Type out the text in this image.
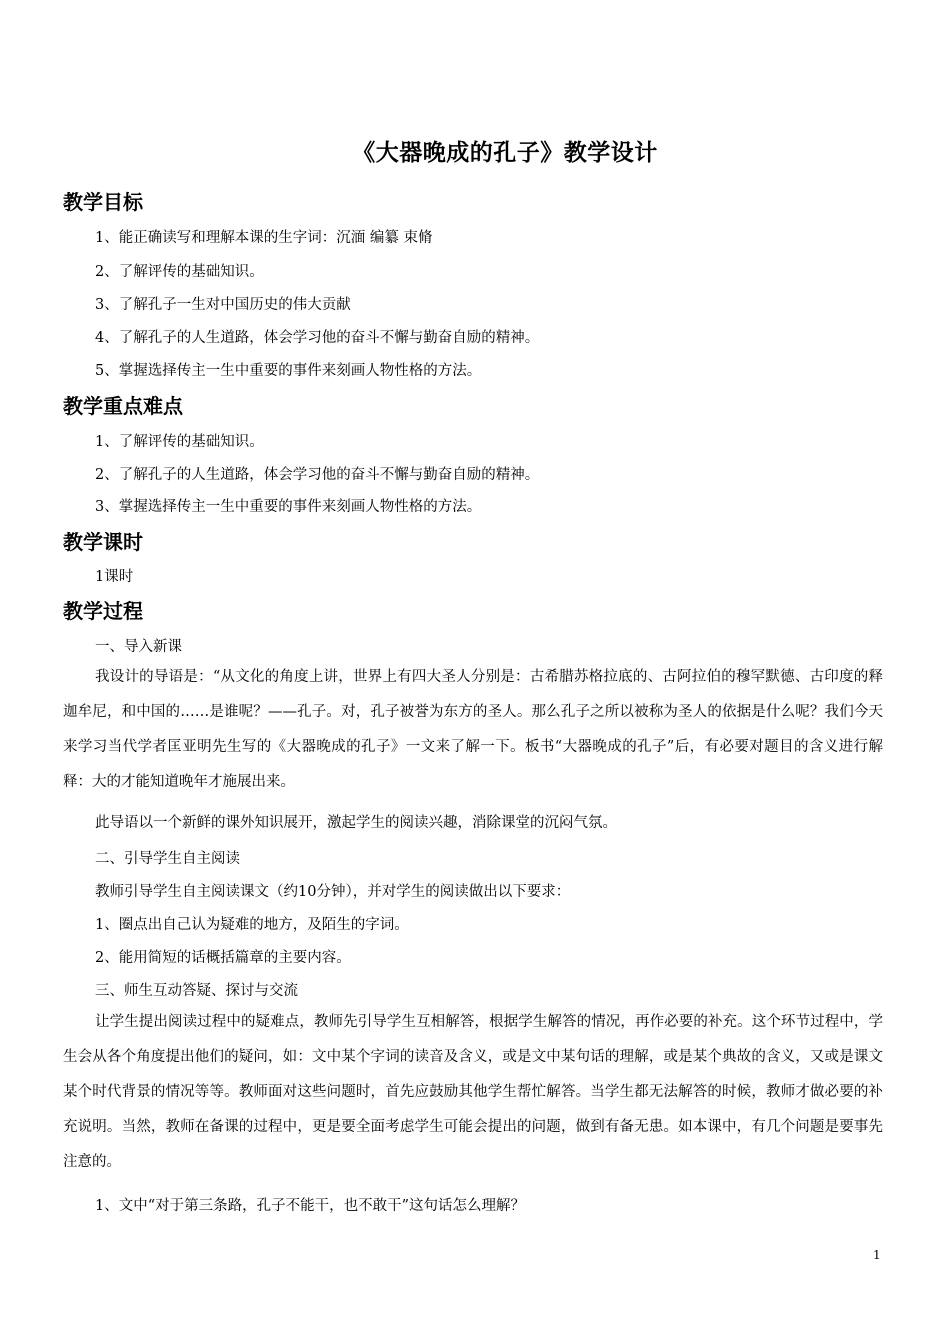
《大器晚成的孔子》教学设计
教学目标
1、能正确读写和理解本课的生字词：沉湎 编纂 束脩
2、了解评传的基础知识。
3、了解孔子一生对中国历史的伟大贡献
4、了解孔子的人生道路，体会学习他的奋斗不懈与勤奋自励的精神。
5、掌握选择传主一生中重要的事件来刻画人物性格的方法。
教学重点难点
1、了解评传的基础知识。
2、了解孔子的人生道路，体会学习他的奋斗不懈与勤奋自励的精神。
3、掌握选择传主一生中重要的事件来刻画人物性格的方法。
教学课时
1课时
教学过程
一、导入新课
我设计的导语是：“从文化的角度上讲，世界上有四大圣人分别是：古希腊苏格拉底的、古阿拉伯的穆罕默德、古印度的释迦牟尼，和中国的……是谁呢？——孔子。对，孔子被誉为东方的圣人。那么孔子之所以被称为圣人的依据是什么呢？我们今天来学习当代学者匡亚明先生写的《大器晚成的孔子》一文来了解一下。板书“大器晚成的孔子”后，有必要对题目的含义进行解释：大的才能知道晚年才施展出来。
此导语以一个新鲜的课外知识展开，激起学生的阅读兴趣，消除课堂的沉闷气氛。
二、引导学生自主阅读
教师引导学生自主阅读课文（约10分钟），并对学生的阅读做出以下要求：
1、圈点出自己认为疑难的地方，及陌生的字词。
2、能用简短的话概括篇章的主要内容。
三、师生互动答疑、探讨与交流
让学生提出阅读过程中的疑难点，教师先引导学生互相解答，根据学生解答的情况，再作必要的补充。这个环节过程中，学生会从各个角度提出他们的疑问，如：文中某个字词的读音及含义，或是文中某句话的理解，或是某个典故的含义，又或是课文某个时代背景的情况等等。教师面对这些问题时，首先应鼓励其他学生帮忙解答。当学生都无法解答的时候，教师才做必要的补充说明。当然，教师在备课的过程中，更是要全面考虑学生可能会提出的问题，做到有备无患。如本课中，有几个问题是要事先注意的。
1、文中“对于第三条路，孔子不能干，也不敢干”这句话怎么理解？
1
